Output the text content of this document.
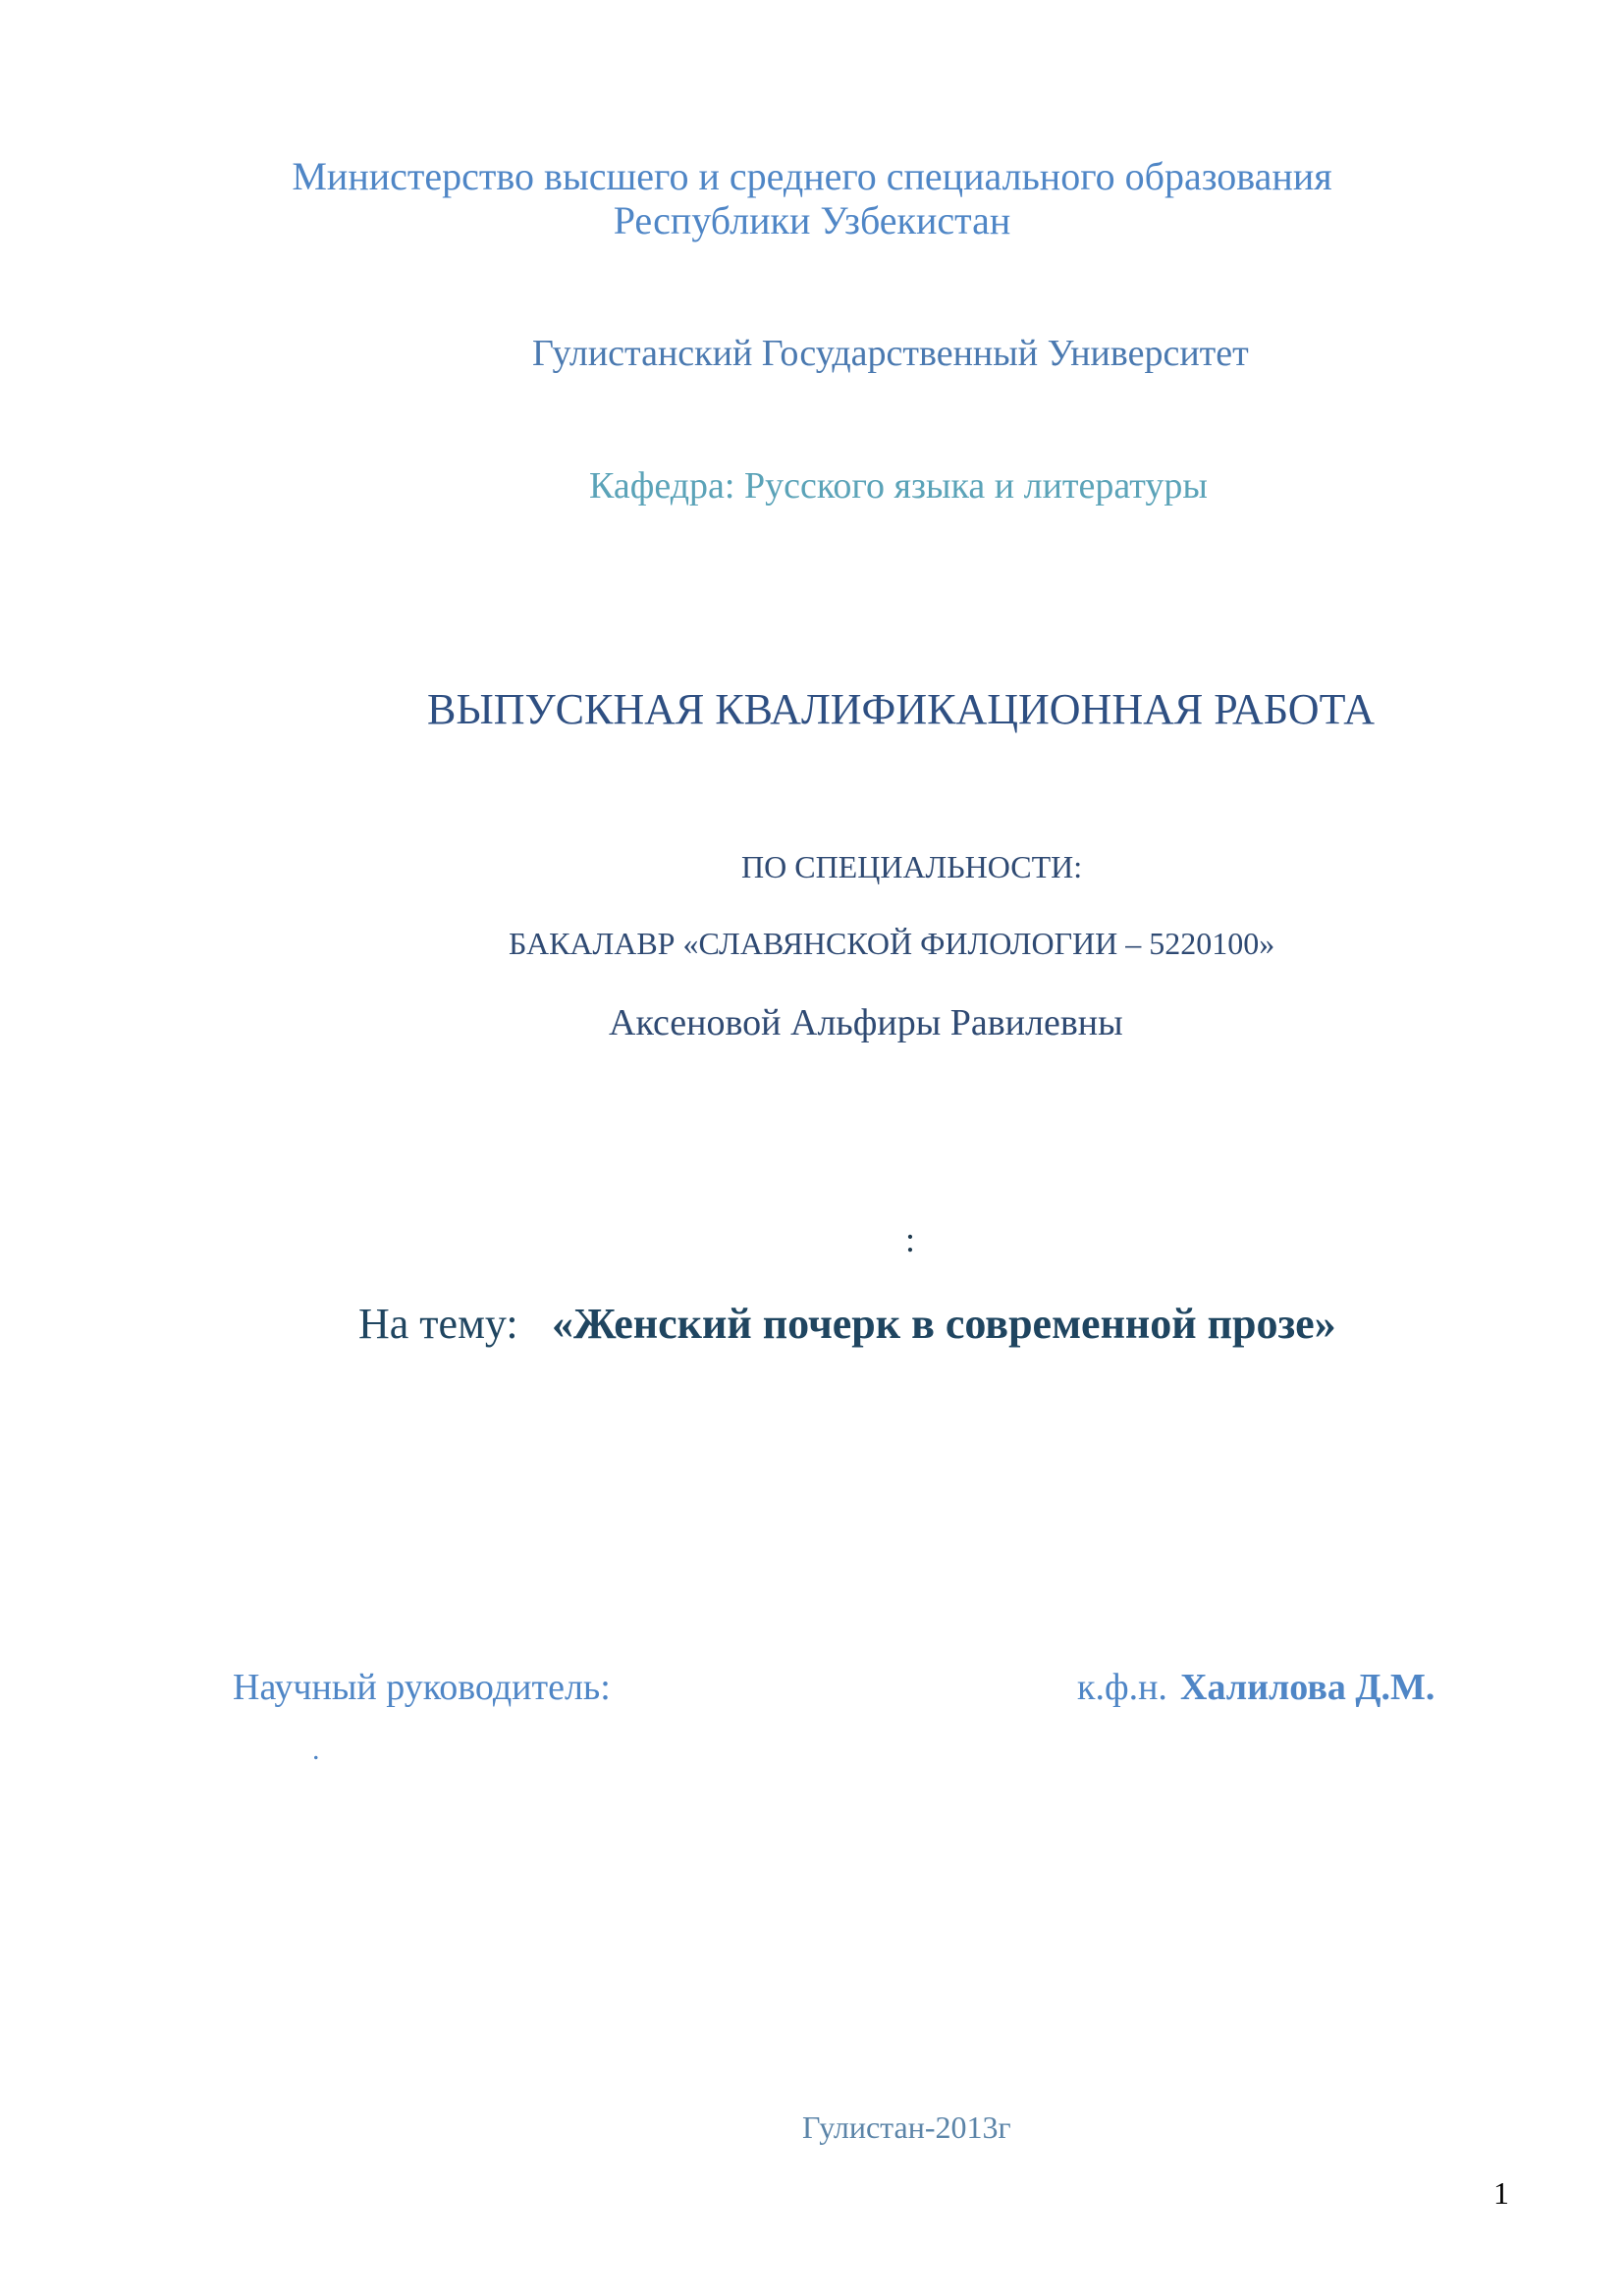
Министерство высшего и среднего специального образования
Республики Узбекистан
Гулистанский Государственный Университет
Кафедра: Русского языка и литературы
ВЫПУСКНАЯ КВАЛИФИКАЦИОННАЯ РАБОТА
ПО СПЕЦИАЛЬНОСТИ:
БАКАЛАВР «СЛАВЯНСКОЙ ФИЛОЛОГИИ – 5220100»
Аксеновой Альфиры Равилевны
:
На тему: «Женский почерк в современной прозе»
Научный руководитель:	к.ф.н. Халилова Д.М.
.
Гулистан-2013г
1
